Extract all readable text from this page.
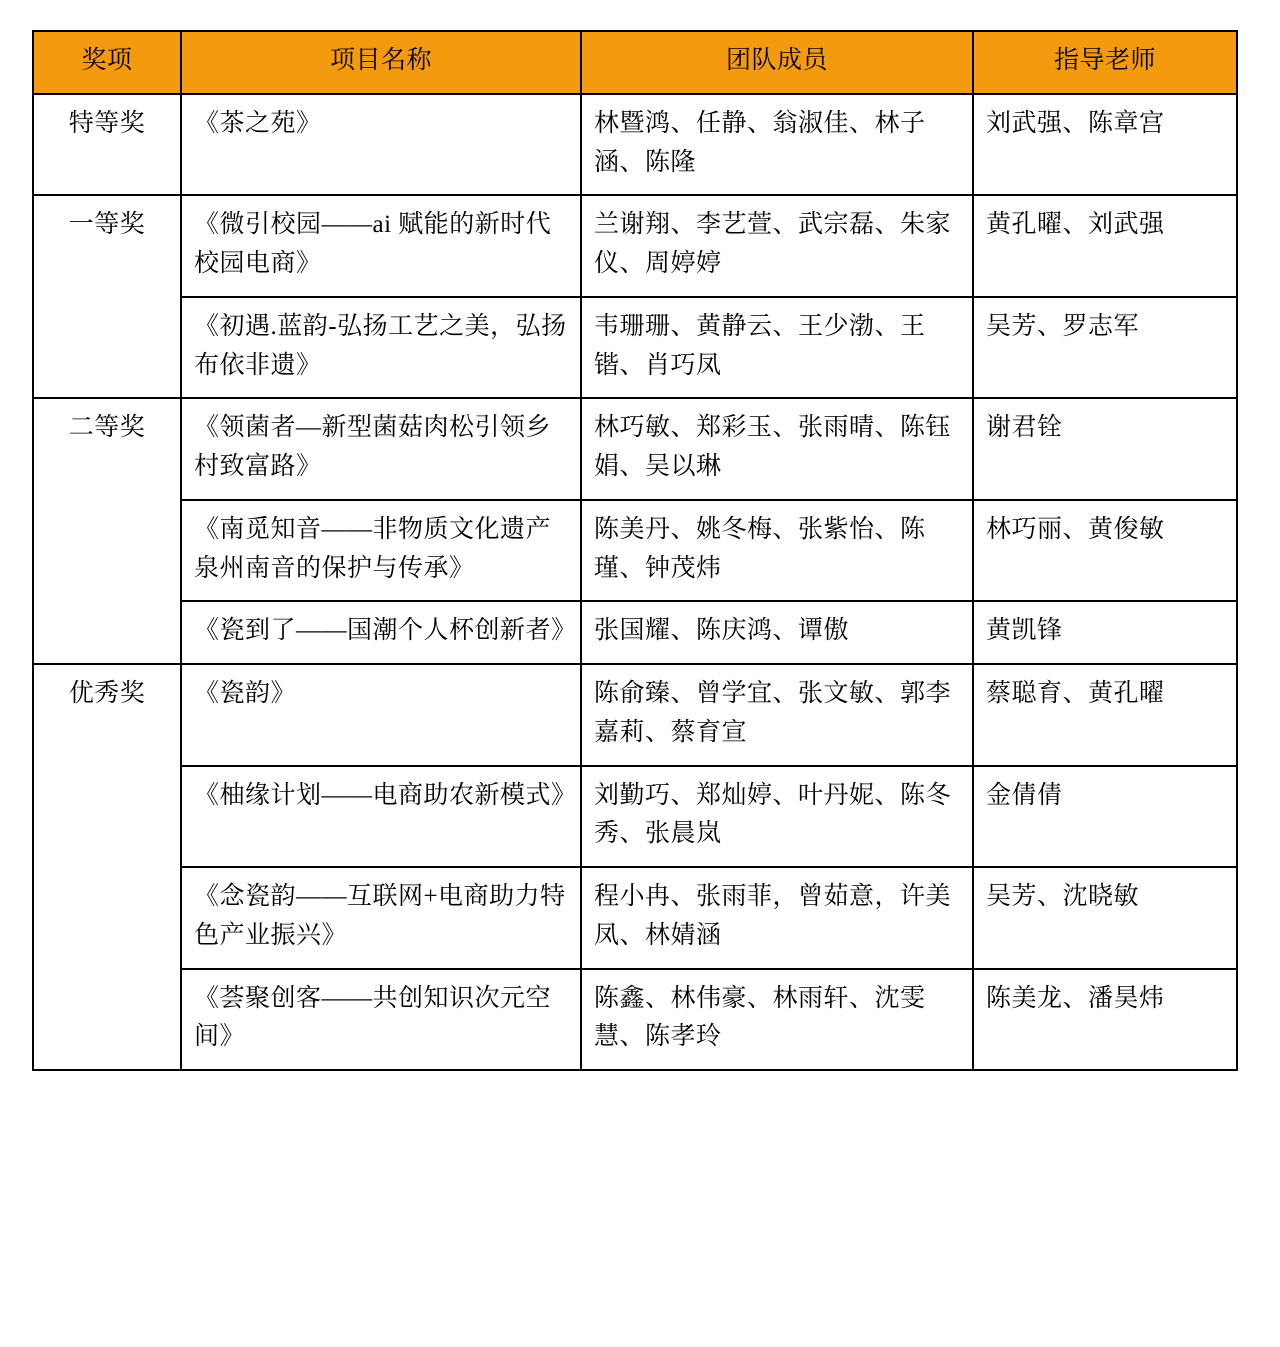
奖项	项目名称	团队成员	指导老师
特等奖	《茶之苑》	林暨鸿、任静、翁淑佳、林子涵、陈隆	刘武强、陈章宫
一等奖	《微引校园——ai 赋能的新时代校园电商》	兰谢翔、李艺萱、武宗磊、朱家仪、周婷婷	黄孔曜、刘武强
	《初遇.蓝韵-弘扬工艺之美，弘扬布依非遗》	韦珊珊、黄静云、王少渤、王锴、肖巧凤	吴芳、罗志军
二等奖	《领菌者—新型菌菇肉松引领乡村致富路》	林巧敏、郑彩玉、张雨晴、陈钰娟、吴以琳	谢君铨
	《南觅知音——非物质文化遗产泉州南音的保护与传承》	陈美丹、姚冬梅、张紫怡、陈瑾、钟茂炜	林巧丽、黄俊敏
	《瓷到了——国潮个人杯创新者》	张国耀、陈庆鸿、谭傲	黄凯锋
优秀奖	《瓷韵》	陈俞臻、曾学宜、张文敏、郭李嘉莉、蔡育宣	蔡聪育、黄孔曜
	《柚缘计划——电商助农新模式》	刘勤巧、郑灿婷、叶丹妮、陈冬秀、张晨岚	金倩倩
	《念瓷韵——互联网+电商助力特色产业振兴》	程小冉、张雨菲，曾茹意，许美凤、林婧涵	吴芳、沈晓敏
	《荟聚创客——共创知识次元空间》	陈鑫、林伟豪、林雨轩、沈雯慧、陈孝玲	陈美龙、潘昊炜
